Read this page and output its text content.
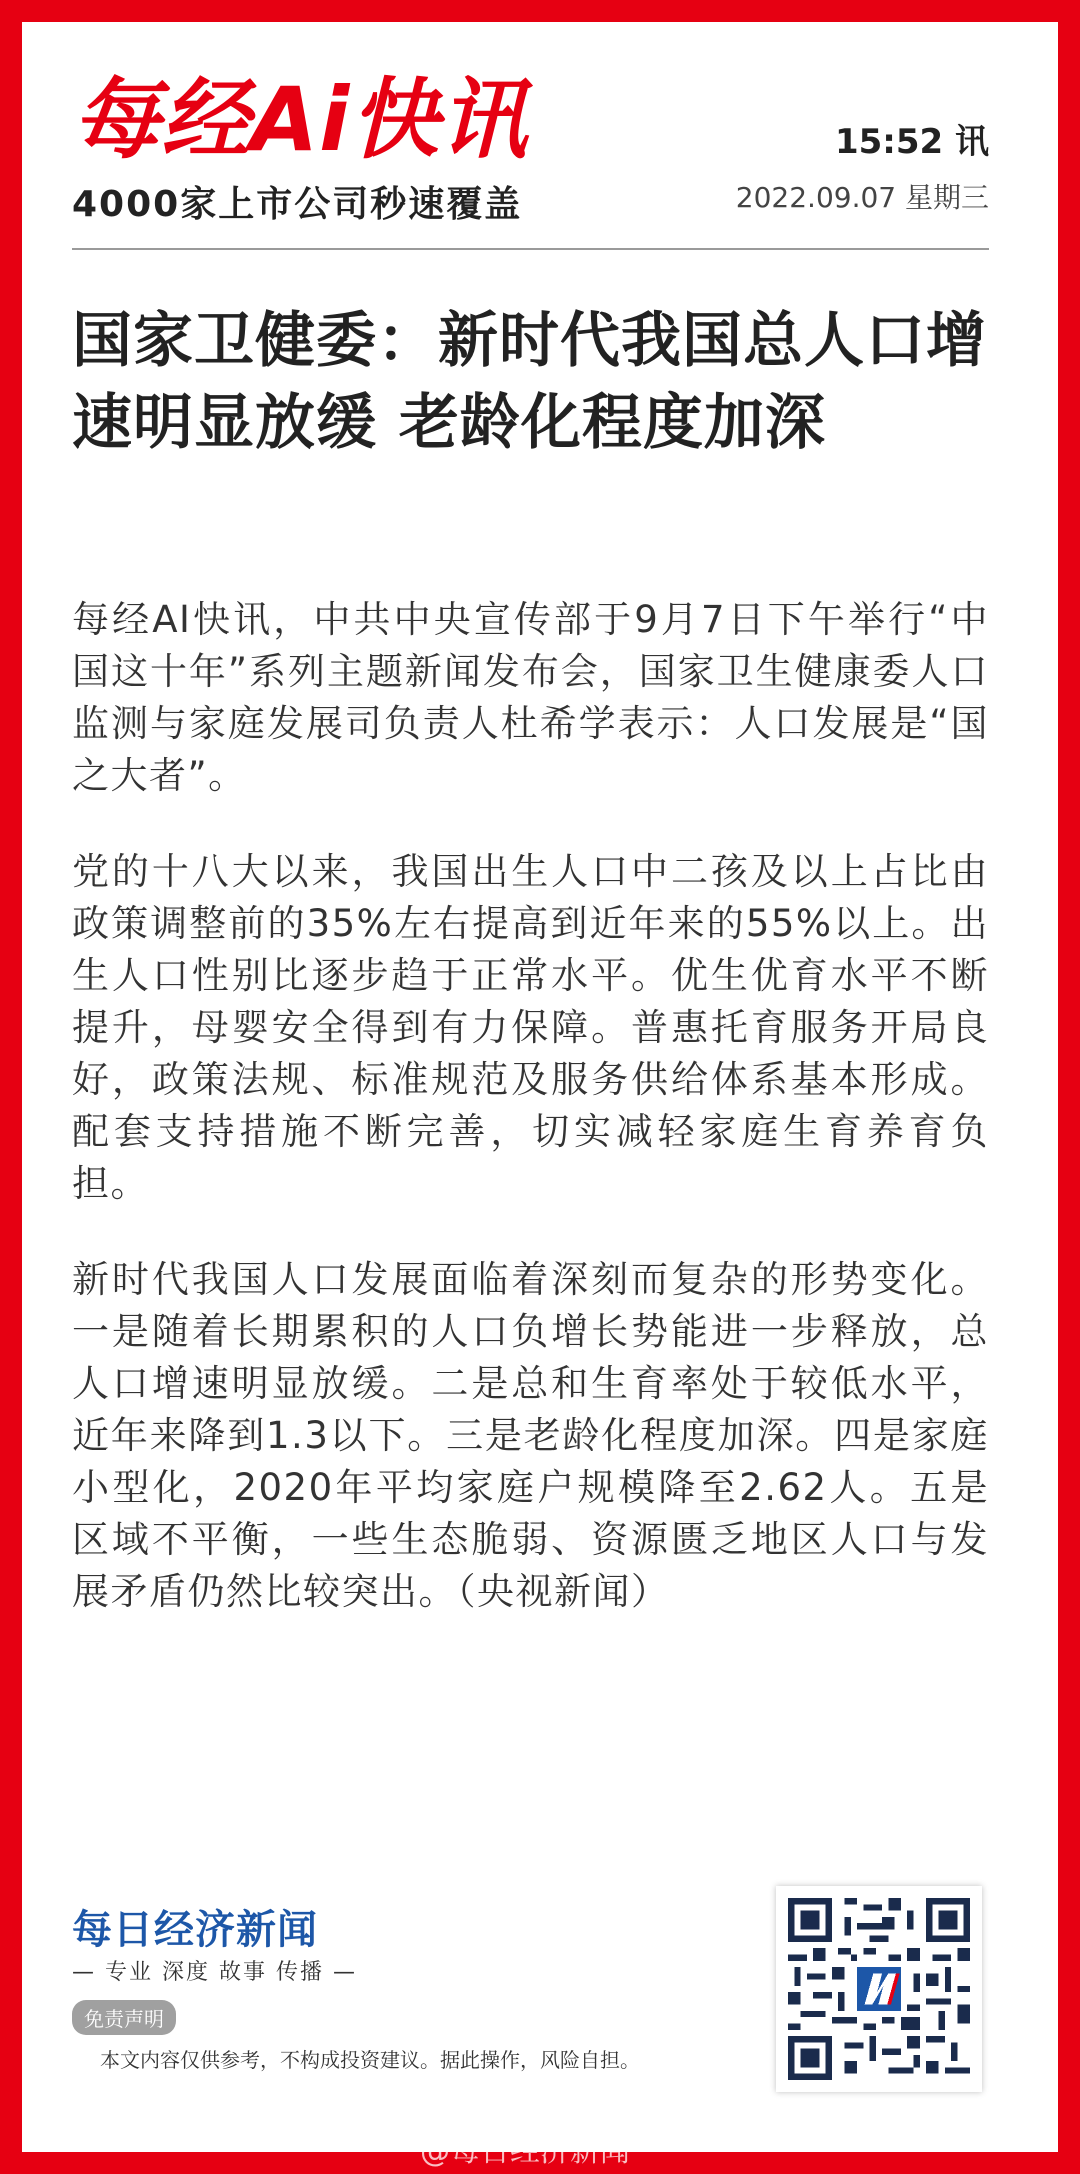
每经Ai快讯
4000家上市公司秒速覆盖
15:52 讯
2022.09.07 星期三
国家卫健委：新时代我国总人口增速明显放缓 老龄化程度加深

每经AI快讯，中共中央宣传部于9月7日下午举行“中国这十年”系列主题新闻发布会，国家卫生健康委人口监测与家庭发展司负责人杜希学表示：人口发展是“国之大者”。

党的十八大以来，我国出生人口中二孩及以上占比由政策调整前的35%左右提高到近年来的55%以上。出生人口性别比逐步趋于正常水平。优生优育水平不断提升，母婴安全得到有力保障。普惠托育服务开局良好，政策法规、标准规范及服务供给体系基本形成。配套支持措施不断完善，切实减轻家庭生育养育负担。

新时代我国人口发展面临着深刻而复杂的形势变化。一是随着长期累积的人口负增长势能进一步释放，总人口增速明显放缓。二是总和生育率处于较低水平，近年来降到1.3以下。三是老龄化程度加深。四是家庭小型化，2020年平均家庭户规模降至2.62人。五是区域不平衡，一些生态脆弱、资源匮乏地区人口与发展矛盾仍然比较突出。（央视新闻）

每日经济新闻
— 专业 深度 故事 传播 —
免责声明
本文内容仅供参考，不构成投资建议。据此操作，风险自担。
@每日经济新闻
